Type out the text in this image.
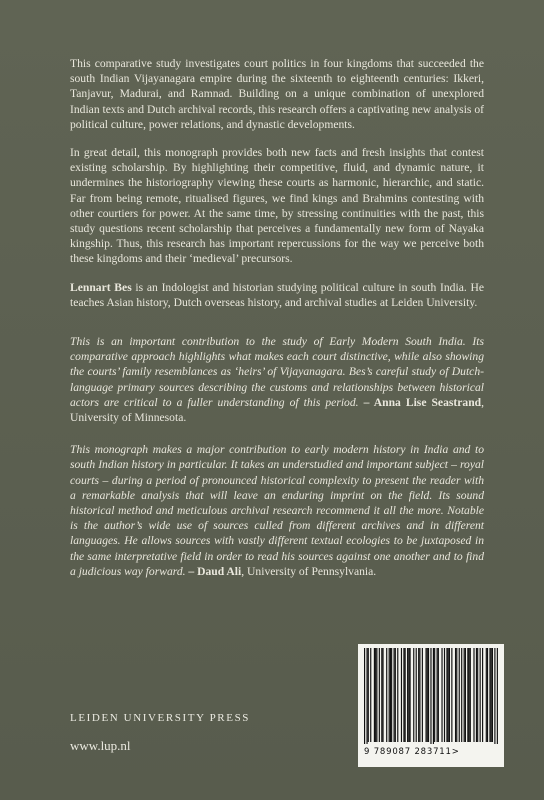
This comparative study investigates court politics in four kingdoms that succeeded the south Indian Vijayanagara empire during the sixteenth to eighteenth centuries: Ikkeri, Tanjavur, Madurai, and Ramnad. Building on a unique combination of unexplored Indian texts and Dutch archival records, this research offers a captivating new analysis of political culture, power relations, and dynastic developments.

In great detail, this monograph provides both new facts and fresh insights that contest existing scholarship. By highlighting their competitive, fluid, and dynamic nature, it undermines the historiography viewing these courts as harmonic, hierarchic, and static. Far from being remote, ritualised figures, we find kings and Brahmins contesting with other courtiers for power. At the same time, by stressing continuities with the past, this study questions recent scholarship that perceives a fundamentally new form of Nayaka kingship. Thus, this research has important repercussions for the way we perceive both these kingdoms and their ‘medieval’ precursors.

Lennart Bes is an Indologist and historian studying political culture in south India. He teaches Asian history, Dutch overseas history, and archival studies at Leiden University.

This is an important contribution to the study of Early Modern South India. Its comparative approach highlights what makes each court distinctive, while also showing the courts’ family resemblances as ‘heirs’ of Vijayanagara. Bes’s careful study of Dutch-language primary sources describing the customs and relationships between historical actors are critical to a fuller understanding of this period. – Anna Lise Seastrand, University of Minnesota.

This monograph makes a major contribution to early modern history in India and to south Indian history in particular. It takes an understudied and important subject – royal courts – during a period of pronounced historical complexity to present the reader with a remarkable analysis that will leave an enduring imprint on the field. Its sound historical method and meticulous archival research recommend it all the more. Notable is the author’s wide use of sources culled from different archives and in different languages. He allows sources with vastly different textual ecologies to be juxtaposed in the same interpretative field in order to read his sources against one another and to find a judicious way forward. – Daud Ali, University of Pennsylvania.

LEIDEN UNIVERSITY PRESS
www.lup.nl	9 789087 283711>
